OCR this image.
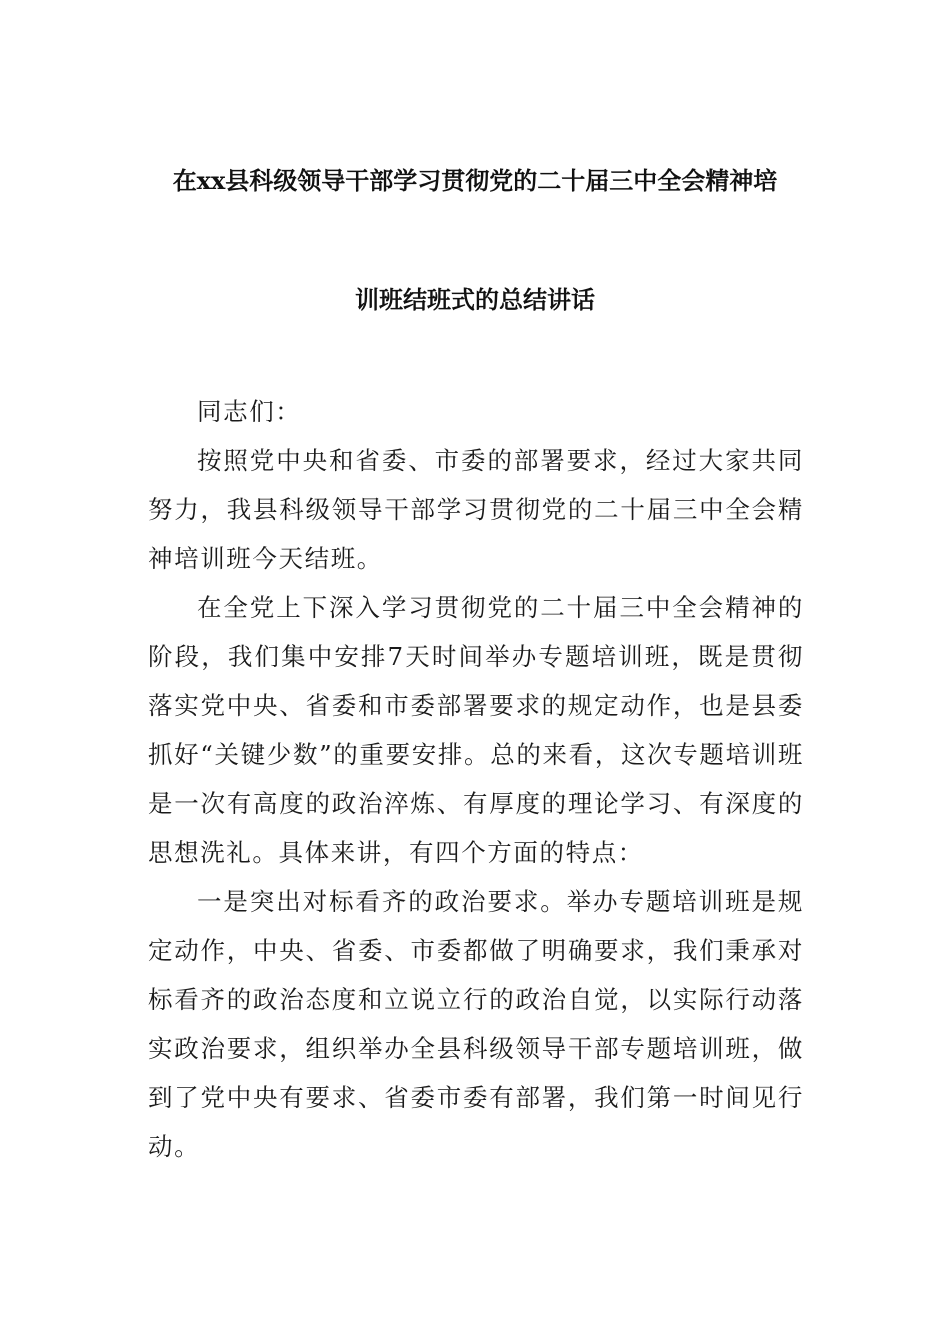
在xx县科级领导干部学习贯彻党的二十届三中全会精神培
训班结班式的总结讲话

同志们：

按照党中央和省委、市委的部署要求，经过大家共同努力，我县科级领导干部学习贯彻党的二十届三中全会精神培训班今天结班。

在全党上下深入学习贯彻党的二十届三中全会精神的阶段，我们集中安排7天时间举办专题培训班，既是贯彻落实党中央、省委和市委部署要求的规定动作，也是县委抓好“关键少数”的重要安排。总的来看，这次专题培训班是一次有高度的政治淬炼、有厚度的理论学习、有深度的思想洗礼。具体来讲，有四个方面的特点：

一是突出对标看齐的政治要求。举办专题培训班是规定动作，中央、省委、市委都做了明确要求，我们秉承对标看齐的政治态度和立说立行的政治自觉，以实际行动落实政治要求，组织举办全县科级领导干部专题培训班，做到了党中央有要求、省委市委有部署，我们第一时间见行动。
